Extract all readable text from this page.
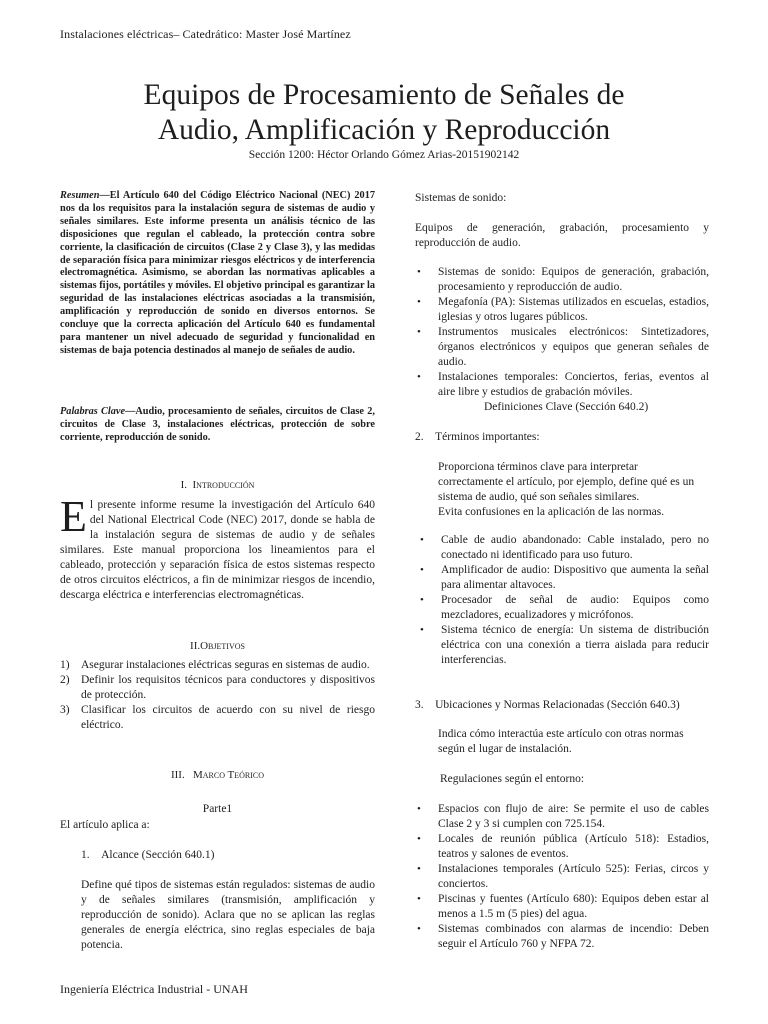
Instalaciones eléctricas– Catedrático: Master José Martínez
Equipos de Procesamiento de Señales de
Audio, Amplificación y Reproducción
Sección 1200: Héctor Orlando Gómez Arias-20151902142

Resumen—El Artículo 640 del Código Eléctrico Nacional (NEC) 2017 nos da los requisitos para la instalación segura de sistemas de audio y señales similares. Este informe presenta un análisis técnico de las disposiciones que regulan el cableado, la protección contra sobre corriente, la clasificación de circuitos (Clase 2 y Clase 3), y las medidas de separación física para minimizar riesgos eléctricos y de interferencia electromagnética. Asimismo, se abordan las normativas aplicables a sistemas fijos, portátiles y móviles. El objetivo principal es garantizar la seguridad de las instalaciones eléctricas asociadas a la transmisión, amplificación y reproducción de sonido en diversos entornos. Se concluye que la correcta aplicación del Artículo 640 es fundamental para mantener un nivel adecuado de seguridad y funcionalidad en sistemas de baja potencia destinados al manejo de señales de audio.

Palabras Clave—Audio, procesamiento de señales, circuitos de Clase 2, circuitos de Clase 3, instalaciones eléctricas, protección de sobre corriente, reproducción de sonido.

I. Introducción

El presente informe resume la investigación del Artículo 640 del National Electrical Code (NEC) 2017, donde se habla de la instalación segura de sistemas de audio y de señales similares. Este manual proporciona los lineamientos para el cableado, protección y separación física de estos sistemas respecto de otros circuitos eléctricos, a fin de minimizar riesgos de incendio, descarga eléctrica e interferencias electromagnéticas.

II.Objetivos
1) Asegurar instalaciones eléctricas seguras en sistemas de audio.
2) Definir los requisitos técnicos para conductores y dispositivos de protección.
3) Clasificar los circuitos de acuerdo con su nivel de riesgo eléctrico.
III. Marco Teórico
Parte1
El artículo aplica a:
1. Alcance (Sección 640.1)

Define qué tipos de sistemas están regulados: sistemas de audio y de señales similares (transmisión, amplificación y reproducción de sonido). Aclara que no se aplican las reglas generales de energía eléctrica, sino reglas especiales de baja potencia.

Sistemas de sonido:

Equipos de generación, grabación, procesamiento y reproducción de audio.

• Sistemas de sonido: Equipos de generación, grabación, procesamiento y reproducción de audio.
• Megafonía (PA): Sistemas utilizados en escuelas, estadios, iglesias y otros lugares públicos.
• Instrumentos musicales electrónicos: Sintetizadores, órganos electrónicos y equipos que generan señales de audio.
• Instalaciones temporales: Conciertos, ferias, eventos al aire libre y estudios de grabación móviles.
Definiciones Clave (Sección 640.2)
2. Términos importantes:

Proporciona términos clave para interpretar correctamente el artículo, por ejemplo, define qué es un sistema de audio, qué son señales similares.

Evita confusiones en la aplicación de las normas.

• Cable de audio abandonado: Cable instalado, pero no conectado ni identificado para uso futuro.
• Amplificador de audio: Dispositivo que aumenta la señal para alimentar altavoces.
• Procesador de señal de audio: Equipos como mezcladores, ecualizadores y micrófonos.
• Sistema técnico de energía: Un sistema de distribución eléctrica con una conexión a tierra aislada para reducir interferencias.
3. Ubicaciones y Normas Relacionadas (Sección 640.3)

Indica cómo interactúa este artículo con otras normas según el lugar de instalación.

Regulaciones según el entorno:
• Espacios con flujo de aire: Se permite el uso de cables Clase 2 y 3 si cumplen con 725.154.
• Locales de reunión pública (Artículo 518): Estadios, teatros y salones de eventos.
• Instalaciones temporales (Artículo 525): Ferias, circos y conciertos.
• Piscinas y fuentes (Artículo 680): Equipos deben estar al menos a 1.5 m (5 pies) del agua.
• Sistemas combinados con alarmas de incendio: Deben seguir el Artículo 760 y NFPA 72.
Ingeniería Eléctrica Industrial - UNAH
